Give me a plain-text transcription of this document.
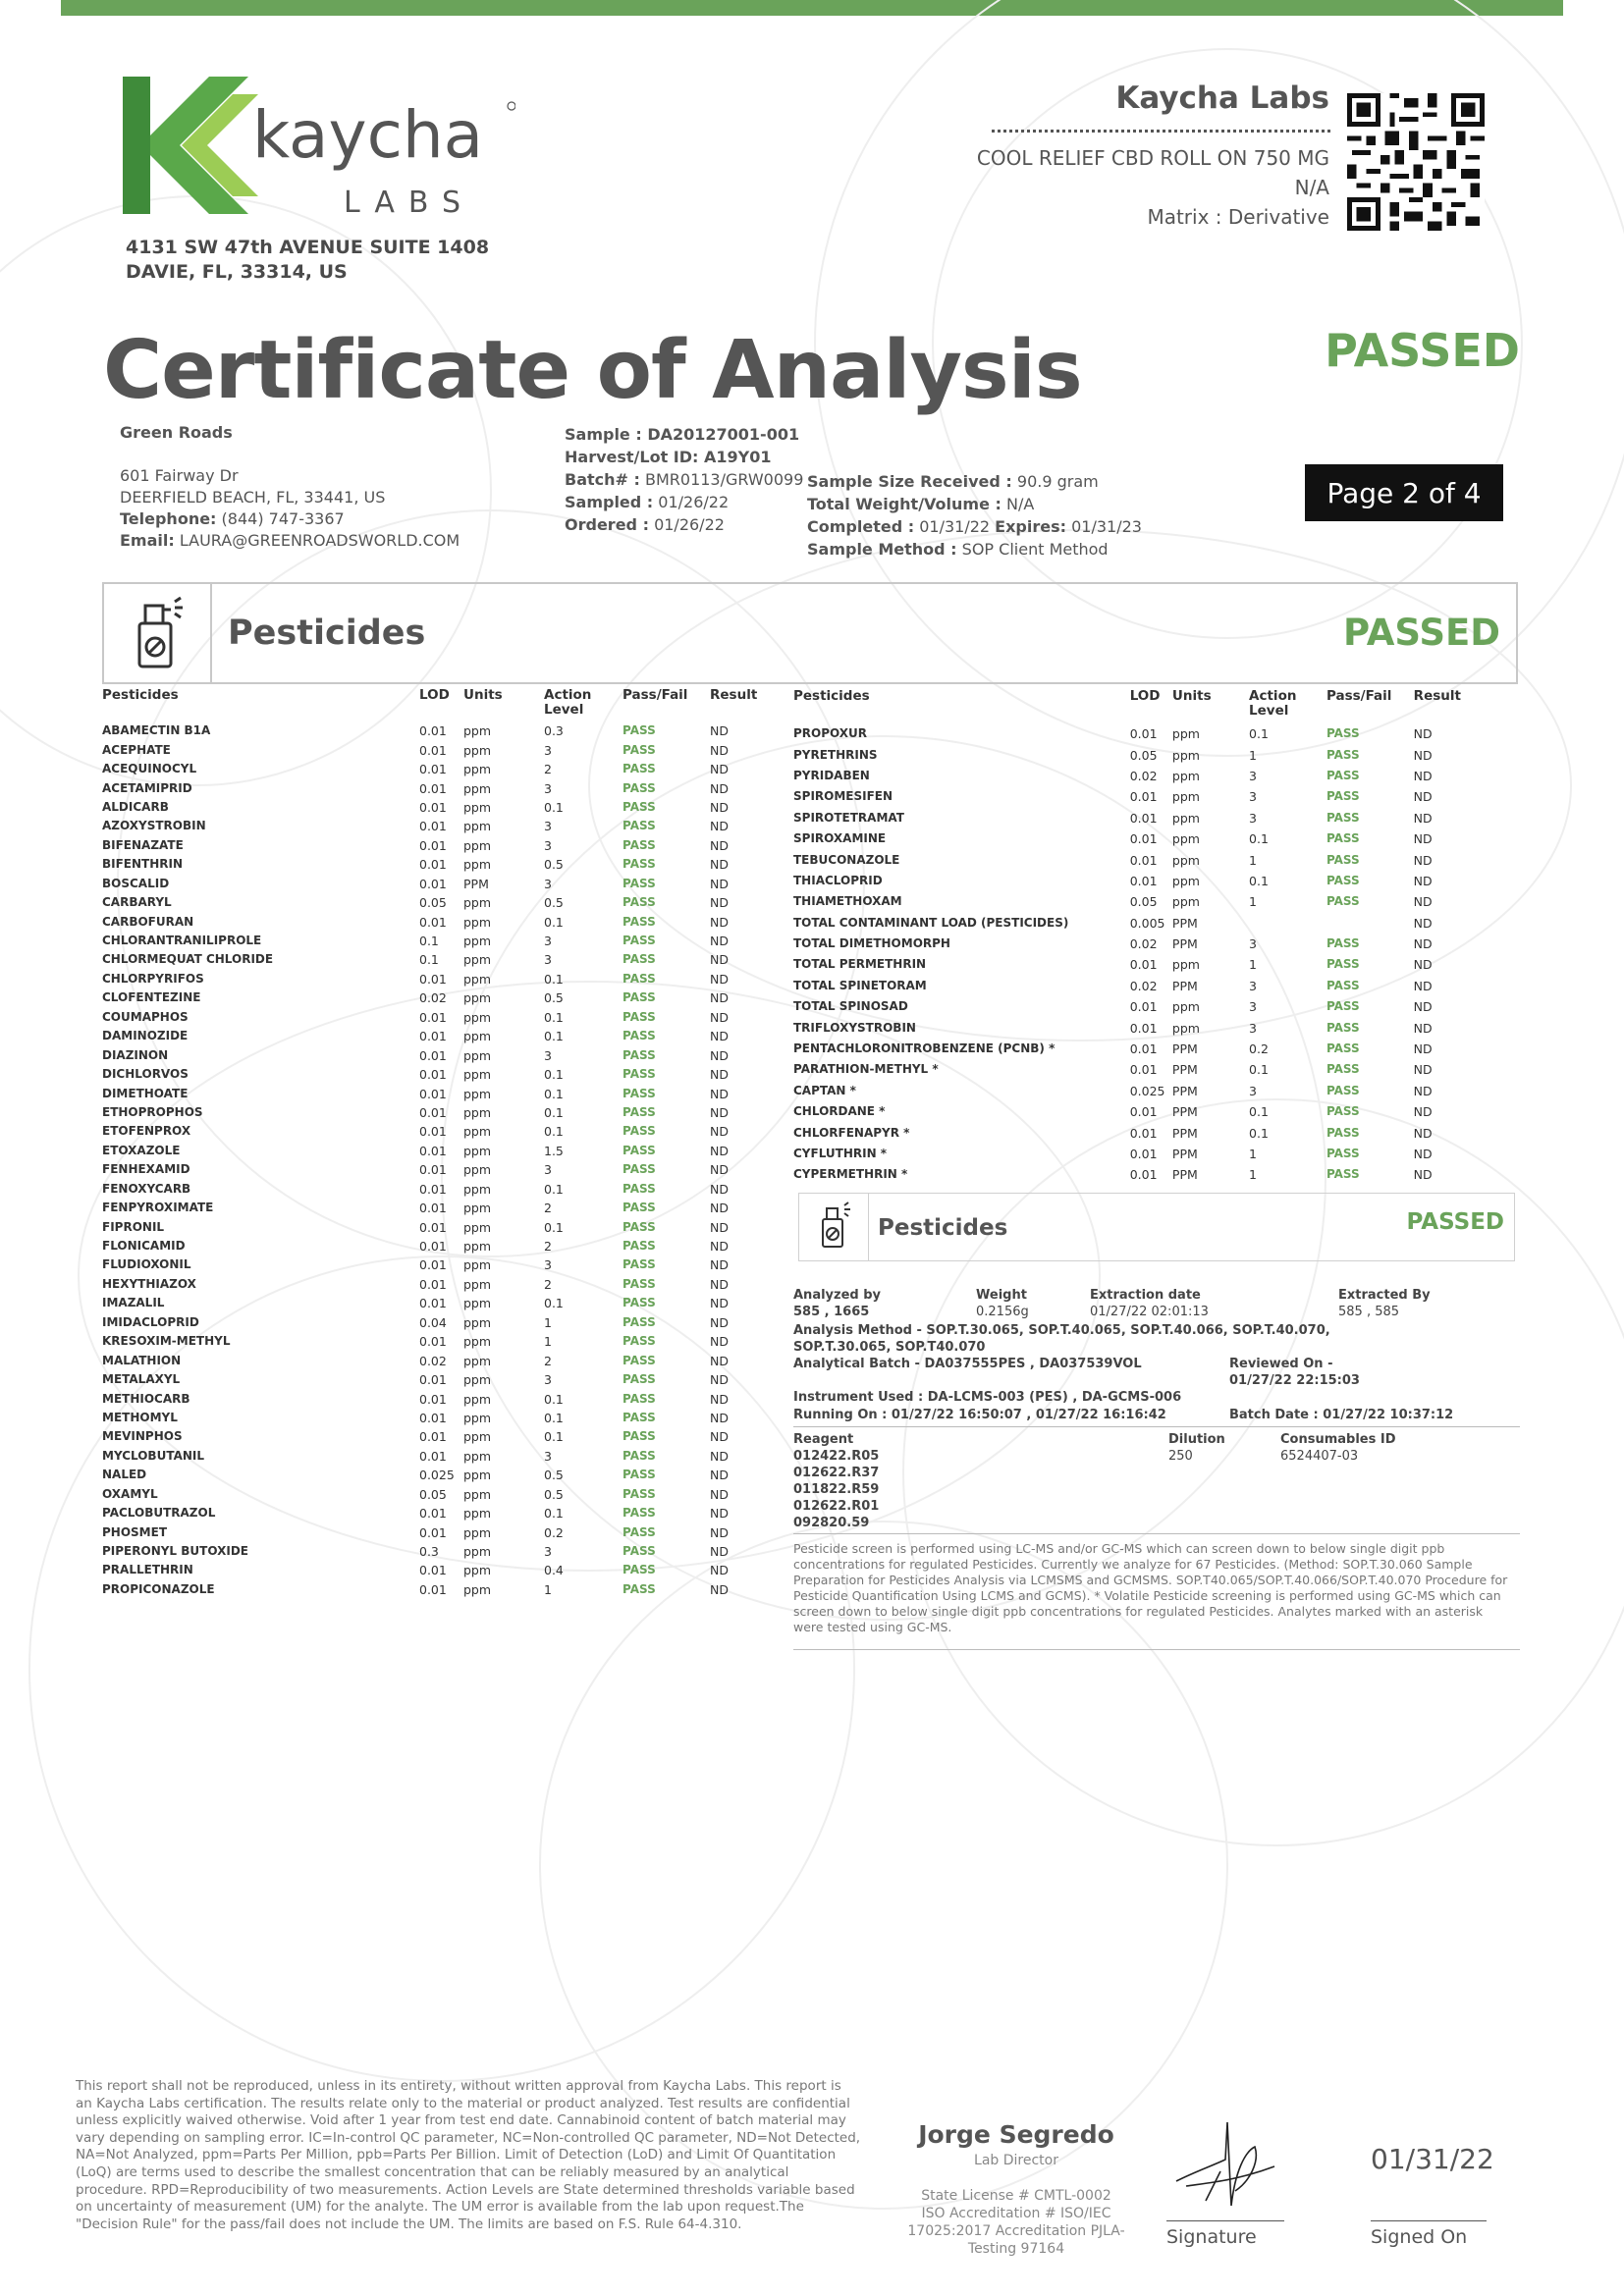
kaycha
LABS
4131 SW 47th AVENUE SUITE 1408
DAVIE, FL, 33314, US
Kaycha Labs
COOL RELIEF CBD ROLL ON 750 MG
N/A
Matrix : Derivative
Certificate of Analysis	PASSED
Green Roads
601 Fairway Dr
DEERFIELD BEACH, FL, 33441, US
Telephone: (844) 747-3367
Email: LAURA@GREENROADSWORLD.COM
Sample : DA20127001-001
Harvest/Lot ID: A19Y01
Batch# : BMR0113/GRW0099
Sampled : 01/26/22
Ordered : 01/26/22
Sample Size Received : 90.9 gram
Total Weight/Volume : N/A
Completed : 01/31/22 Expires: 01/31/23
Sample Method : SOP Client Method
Page 2 of 4
Pesticides	PASSED
Pesticides	LOD	Units	Action Level	Pass/Fail	Result
ABAMECTIN B1A	0.01	ppm	0.3	PASS	ND
ACEPHATE	0.01	ppm	3	PASS	ND
ACEQUINOCYL	0.01	ppm	2	PASS	ND
ACETAMIPRID	0.01	ppm	3	PASS	ND
ALDICARB	0.01	ppm	0.1	PASS	ND
AZOXYSTROBIN	0.01	ppm	3	PASS	ND
BIFENAZATE	0.01	ppm	3	PASS	ND
BIFENTHRIN	0.01	ppm	0.5	PASS	ND
BOSCALID	0.01	PPM	3	PASS	ND
CARBARYL	0.05	ppm	0.5	PASS	ND
CARBOFURAN	0.01	ppm	0.1	PASS	ND
CHLORANTRANILIPROLE	0.1	ppm	3	PASS	ND
CHLORMEQUAT CHLORIDE	0.1	ppm	3	PASS	ND
CHLORPYRIFOS	0.01	ppm	0.1	PASS	ND
CLOFENTEZINE	0.02	ppm	0.5	PASS	ND
COUMAPHOS	0.01	ppm	0.1	PASS	ND
DAMINOZIDE	0.01	ppm	0.1	PASS	ND
DIAZINON	0.01	ppm	3	PASS	ND
DICHLORVOS	0.01	ppm	0.1	PASS	ND
DIMETHOATE	0.01	ppm	0.1	PASS	ND
ETHOPROPHOS	0.01	ppm	0.1	PASS	ND
ETOFENPROX	0.01	ppm	0.1	PASS	ND
ETOXAZOLE	0.01	ppm	1.5	PASS	ND
FENHEXAMID	0.01	ppm	3	PASS	ND
FENOXYCARB	0.01	ppm	0.1	PASS	ND
FENPYROXIMATE	0.01	ppm	2	PASS	ND
FIPRONIL	0.01	ppm	0.1	PASS	ND
FLONICAMID	0.01	ppm	2	PASS	ND
FLUDIOXONIL	0.01	ppm	3	PASS	ND
HEXYTHIAZOX	0.01	ppm	2	PASS	ND
IMAZALIL	0.01	ppm	0.1	PASS	ND
IMIDACLOPRID	0.04	ppm	1	PASS	ND
KRESOXIM-METHYL	0.01	ppm	1	PASS	ND
MALATHION	0.02	ppm	2	PASS	ND
METALAXYL	0.01	ppm	3	PASS	ND
METHIOCARB	0.01	ppm	0.1	PASS	ND
METHOMYL	0.01	ppm	0.1	PASS	ND
MEVINPHOS	0.01	ppm	0.1	PASS	ND
MYCLOBUTANIL	0.01	ppm	3	PASS	ND
NALED	0.025	ppm	0.5	PASS	ND
OXAMYL	0.05	ppm	0.5	PASS	ND
PACLOBUTRAZOL	0.01	ppm	0.1	PASS	ND
PHOSMET	0.01	ppm	0.2	PASS	ND
PIPERONYL BUTOXIDE	0.3	ppm	3	PASS	ND
PRALLETHRIN	0.01	ppm	0.4	PASS	ND
PROPICONAZOLE	0.01	ppm	1	PASS	ND
Pesticides	LOD	Units	Action Level	Pass/Fail	Result
PROPOXUR	0.01	ppm	0.1	PASS	ND
PYRETHRINS	0.05	ppm	1	PASS	ND
PYRIDABEN	0.02	ppm	3	PASS	ND
SPIROMESIFEN	0.01	ppm	3	PASS	ND
SPIROTETRAMAT	0.01	ppm	3	PASS	ND
SPIROXAMINE	0.01	ppm	0.1	PASS	ND
TEBUCONAZOLE	0.01	ppm	1	PASS	ND
THIACLOPRID	0.01	ppm	0.1	PASS	ND
THIAMETHOXAM	0.05	ppm	1	PASS	ND
TOTAL CONTAMINANT LOAD (PESTICIDES)	0.005	PPM			ND
TOTAL DIMETHOMORPH	0.02	PPM	3	PASS	ND
TOTAL PERMETHRIN	0.01	ppm	1	PASS	ND
TOTAL SPINETORAM	0.02	PPM	3	PASS	ND
TOTAL SPINOSAD	0.01	ppm	3	PASS	ND
TRIFLOXYSTROBIN	0.01	ppm	3	PASS	ND
PENTACHLORONITROBENZENE (PCNB) *	0.01	PPM	0.2	PASS	ND
PARATHION-METHYL *	0.01	PPM	0.1	PASS	ND
CAPTAN *	0.025	PPM	3	PASS	ND
CHLORDANE *	0.01	PPM	0.1	PASS	ND
CHLORFENAPYR *	0.01	PPM	0.1	PASS	ND
CYFLUTHRIN *	0.01	PPM	1	PASS	ND
CYPERMETHRIN *	0.01	PPM	1	PASS	ND
Pesticides	PASSED
Analyzed by
585 , 1665
Weight
0.2156g
Extraction date
01/27/22 02:01:13
Extracted By
585 , 585
Analysis Method - SOP.T.30.065, SOP.T.40.065, SOP.T.40.066, SOP.T.40.070, SOP.T.30.065, SOP.T40.070
Analytical Batch - DA037555PES , DA037539VOL	Reviewed On -
01/27/22 22:15:03
Instrument Used : DA-LCMS-003 (PES) , DA-GCMS-006
Running On : 01/27/22 16:50:07 , 01/27/22 16:16:42	Batch Date : 01/27/22 10:37:12
Reagent
012422.R05
012622.R37
011822.R59
012622.R01
092820.59
Dilution
250
Consumables ID
6524407-03
Pesticide screen is performed using LC-MS and/or GC-MS which can screen down to below single digit ppb concentrations for regulated Pesticides. Currently we analyze for 67 Pesticides. (Method: SOP.T.30.060 Sample Preparation for Pesticides Analysis via LCMSMS and GCMSMS. SOP.T40.065/SOP.T.40.066/SOP.T.40.070 Procedure for Pesticide Quantification Using LCMS and GCMS). * Volatile Pesticide screening is performed using GC-MS which can screen down to below single digit ppb concentrations for regulated Pesticides. Analytes marked with an asterisk were tested using GC-MS.
This report shall not be reproduced, unless in its entirety, without written approval from Kaycha Labs. This report is an Kaycha Labs certification. The results relate only to the material or product analyzed. Test results are confidential unless explicitly waived otherwise. Void after 1 year from test end date. Cannabinoid content of batch material may vary depending on sampling error. IC=In-control QC parameter, NC=Non-controlled QC parameter, ND=Not Detected, NA=Not Analyzed, ppm=Parts Per Million, ppb=Parts Per Billion. Limit of Detection (LoD) and Limit Of Quantitation (LoQ) are terms used to describe the smallest concentration that can be reliably measured by an analytical procedure. RPD=Reproducibility of two measurements. Action Levels are State determined thresholds variable based on uncertainty of measurement (UM) for the analyte. The UM error is available from the lab upon request.The "Decision Rule" for the pass/fail does not include the UM. The limits are based on F.S. Rule 64-4.310.
Jorge Segredo
Lab Director
State License # CMTL-0002
ISO Accreditation # ISO/IEC 17025:2017 Accreditation PJLA-Testing 97164
Signature
01/31/22
Signed On
